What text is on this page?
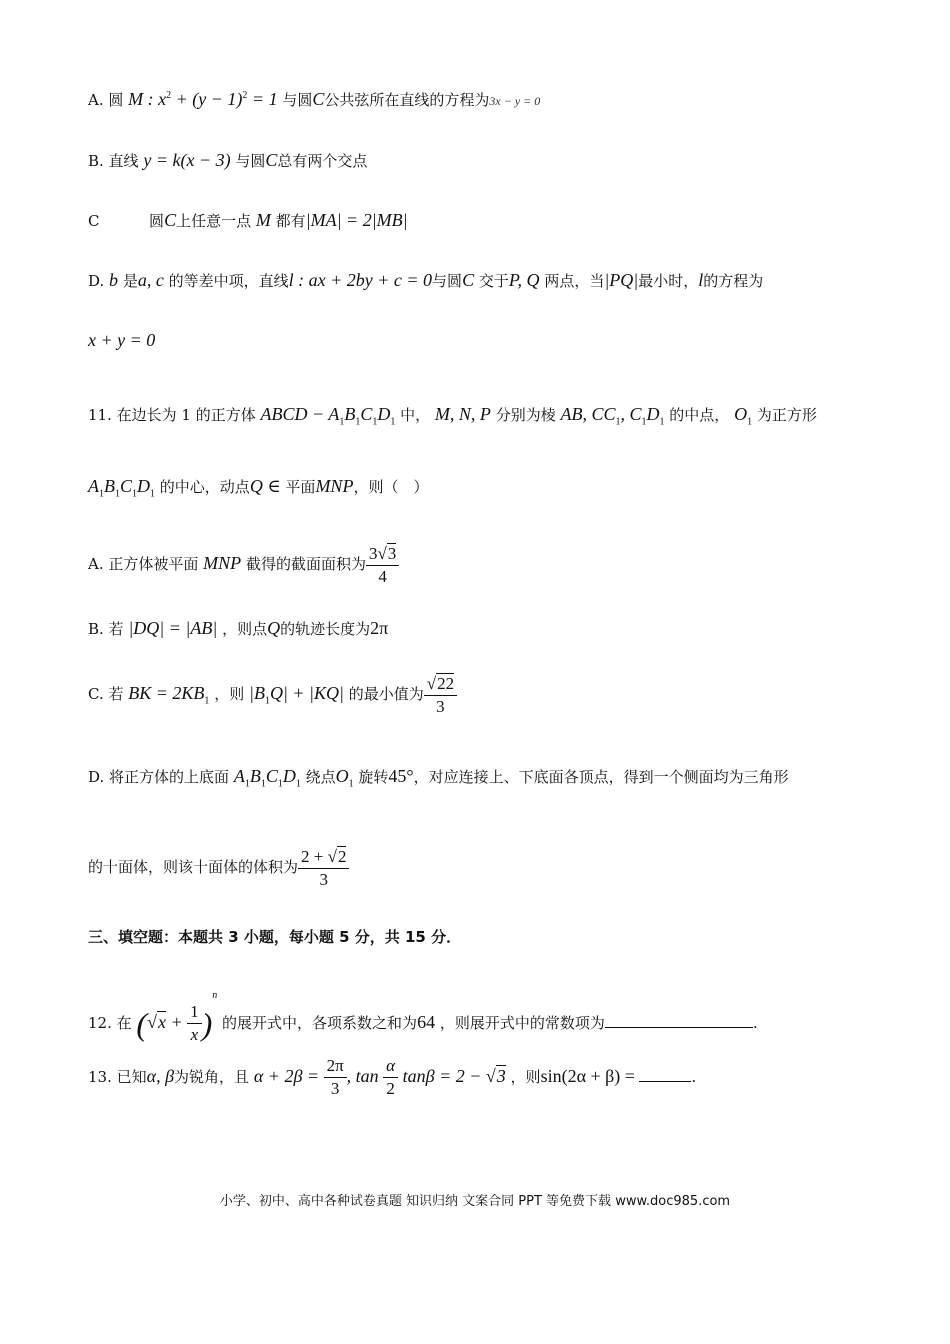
A. 圆 M : $x^2 + (y - 1)^2 = 1$ 与圆C公共弦所在直线的方程为3x − y = 0
B. 直线 y = k(x − 3) 与圆C总有两个交点
C	圆C上任意一点 M 都有|MA| = 2|MB|
D. b 是a, c 的等差中项，直线l : ax + 2by + c = 0与圆C 交于P, Q 两点，当|PQ|最小时，l的方程为
x + y = 0
11. 在边长为 1 的正方体 ABCD − $A_1B_1C_1D_1$ 中， M, N, P 分别为棱 AB, $CC_1$, $C_1D_1$ 的中点， $O_1$ 为正方形
$A_1B_1C_1D_1$ 的中心，动点Q ∈ 平面MNP，则（　）
A. 正方体被平面 MNP 截得的截面面积为 $\frac{3√3}{4}$
B. 若 |DQ| = |AB| ，则点Q的轨迹长度为2π
C. 若 BK = $2KB_1$ ，则 $|B_1Q| + |KQ|$ 的最小值为 $\frac{√22}{3}$
D. 将正方体的上底面 $A_1B_1C_1D_1$ 绕点$O_1$ 旋转45°，对应连接上、下底面各顶点，得到一个侧面均为三角形
的十面体，则该十面体的体积为 $\frac{2 + √2}{3}$
三、填空题：本题共 3 小题，每小题 5 分，共 15 分．
12. 在 $(√x + \frac{1}{x} )^n$ 的展开式中，各项系数之和为64 ，则展开式中的常数项为	.
13. 已知α, β为锐角，且 $\alpha + 2\beta = \frac{2\pi}{3}$ , $\tan \frac{\alpha}{2}$ tanβ = 2 − √3 ，则sin(2α + β) =	.
小学、初中、高中各种试卷真题 知识归纳 文案合同 PPT 等免费下载 www.doc985.com
